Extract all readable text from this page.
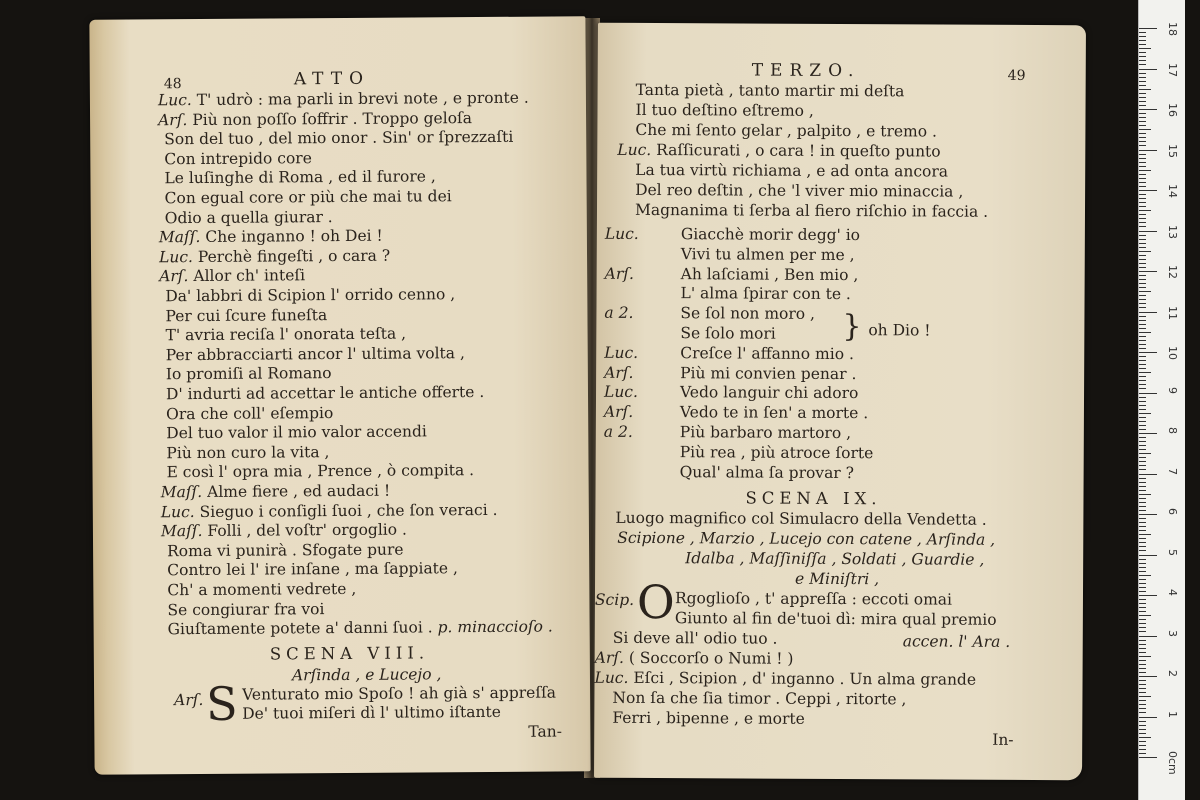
48	ATTO
Luc. T' udrò : ma parli in brevi note , e pronte .
Arſ. Più non poſſo ſoffrir . Troppo geloſa
Son del tuo , del mio onor . Sin' or ſprezzaſti
Con intrepido core
Le luſinghe di Roma , ed il furore ,
Con egual core or più che mai tu dei
Odio a quella giurar .
Maſſ. Che inganno ! oh Dei !
Luc. Perchè fingeſti , o cara ?
Arſ. Allor ch' inteſi
Da' labbri di Scipion l' orrido cenno ,
Per cui ſcure funeſta
T' avria reciſa l' onorata teſta ,
Per abbracciarti ancor l' ultima volta ,
Io promiſi al Romano
D' indurti ad accettar le antiche offerte .
Ora che coll' eſempio
Del tuo valor il mio valor accendi
Più non curo la vita ,
E così l' opra mia , Prence , ò compita .
Maſſ. Alme fiere , ed audaci !
Luc. Sieguo i conſigli ſuoi , che ſon veraci .
Maſſ. Folli , del voſtr' orgoglio .
Roma vi punirà . Sfogate pure
Contro lei l' ire inſane , ma ſappiate ,
Ch' a momenti vedrete ,
Se congiurar fra voi
Giuſtamente potete a' danni ſuoi . p. minaccioſo .
SCENA VIII.
Arſinda , e Lucejo ,
Arſ. S Venturato mio Spoſo ! ah già s' appreſſa
De' tuoi miſeri dì l' ultimo iſtante
Tan-
TERZO.	49
Tanta pietà , tanto martir mi deſta
Il tuo deſtino eſtremo ,
Che mi ſento gelar , palpito , e tremo .
Luc. Raſſicurati , o cara ! in queſto punto
La tua virtù richiama , e ad onta ancora
Del reo deſtin , che 'l viver mio minaccia ,
Magnanima ti ſerba al fiero riſchio in faccia .
Luc.	Giacchè morir degg' io
Vivi tu almen per me ,
Arſ.	Ah laſciami , Ben mio ,
L' alma ſpirar con te .
a 2.	Se ſol non moro ,
Se ſolo mori
Luc.	Creſce l' affanno mio .
Arſ.	Più mi convien penar .
Luc.	Vedo languir chi adoro
Arſ.	Vedo te in ſen' a morte .
a 2.	Più barbaro martoro ,
Più rea , più atroce ſorte
Qual' alma ſa provar ?
} oh Dio !
SCENA IX.
Luogo magnifico col Simulacro della Vendetta .
Scipione , Marzio , Lucejo con catene , Arſinda ,
Idalba , Maſſiniſſa , Soldati , Guardie ,
e Miniſtri ,
Scip. O Rgoglioſo , t' appreſſa : eccoti omai
Giunto al fin de'tuoi dì: mira qual premio
Si deve all' odio tuo .	accen. l' Ara .
Arſ. ( Soccorſo o Numi ! )
Luc. Eſci , Scipion , d' inganno . Un alma grande
Non ſa che ſia timor . Ceppi , ritorte ,
Ferri , bipenne , e morte
In-
18
17
16
15
14
13
12
11
10
9
8
7
6
5
4
3
2
1
0cm
